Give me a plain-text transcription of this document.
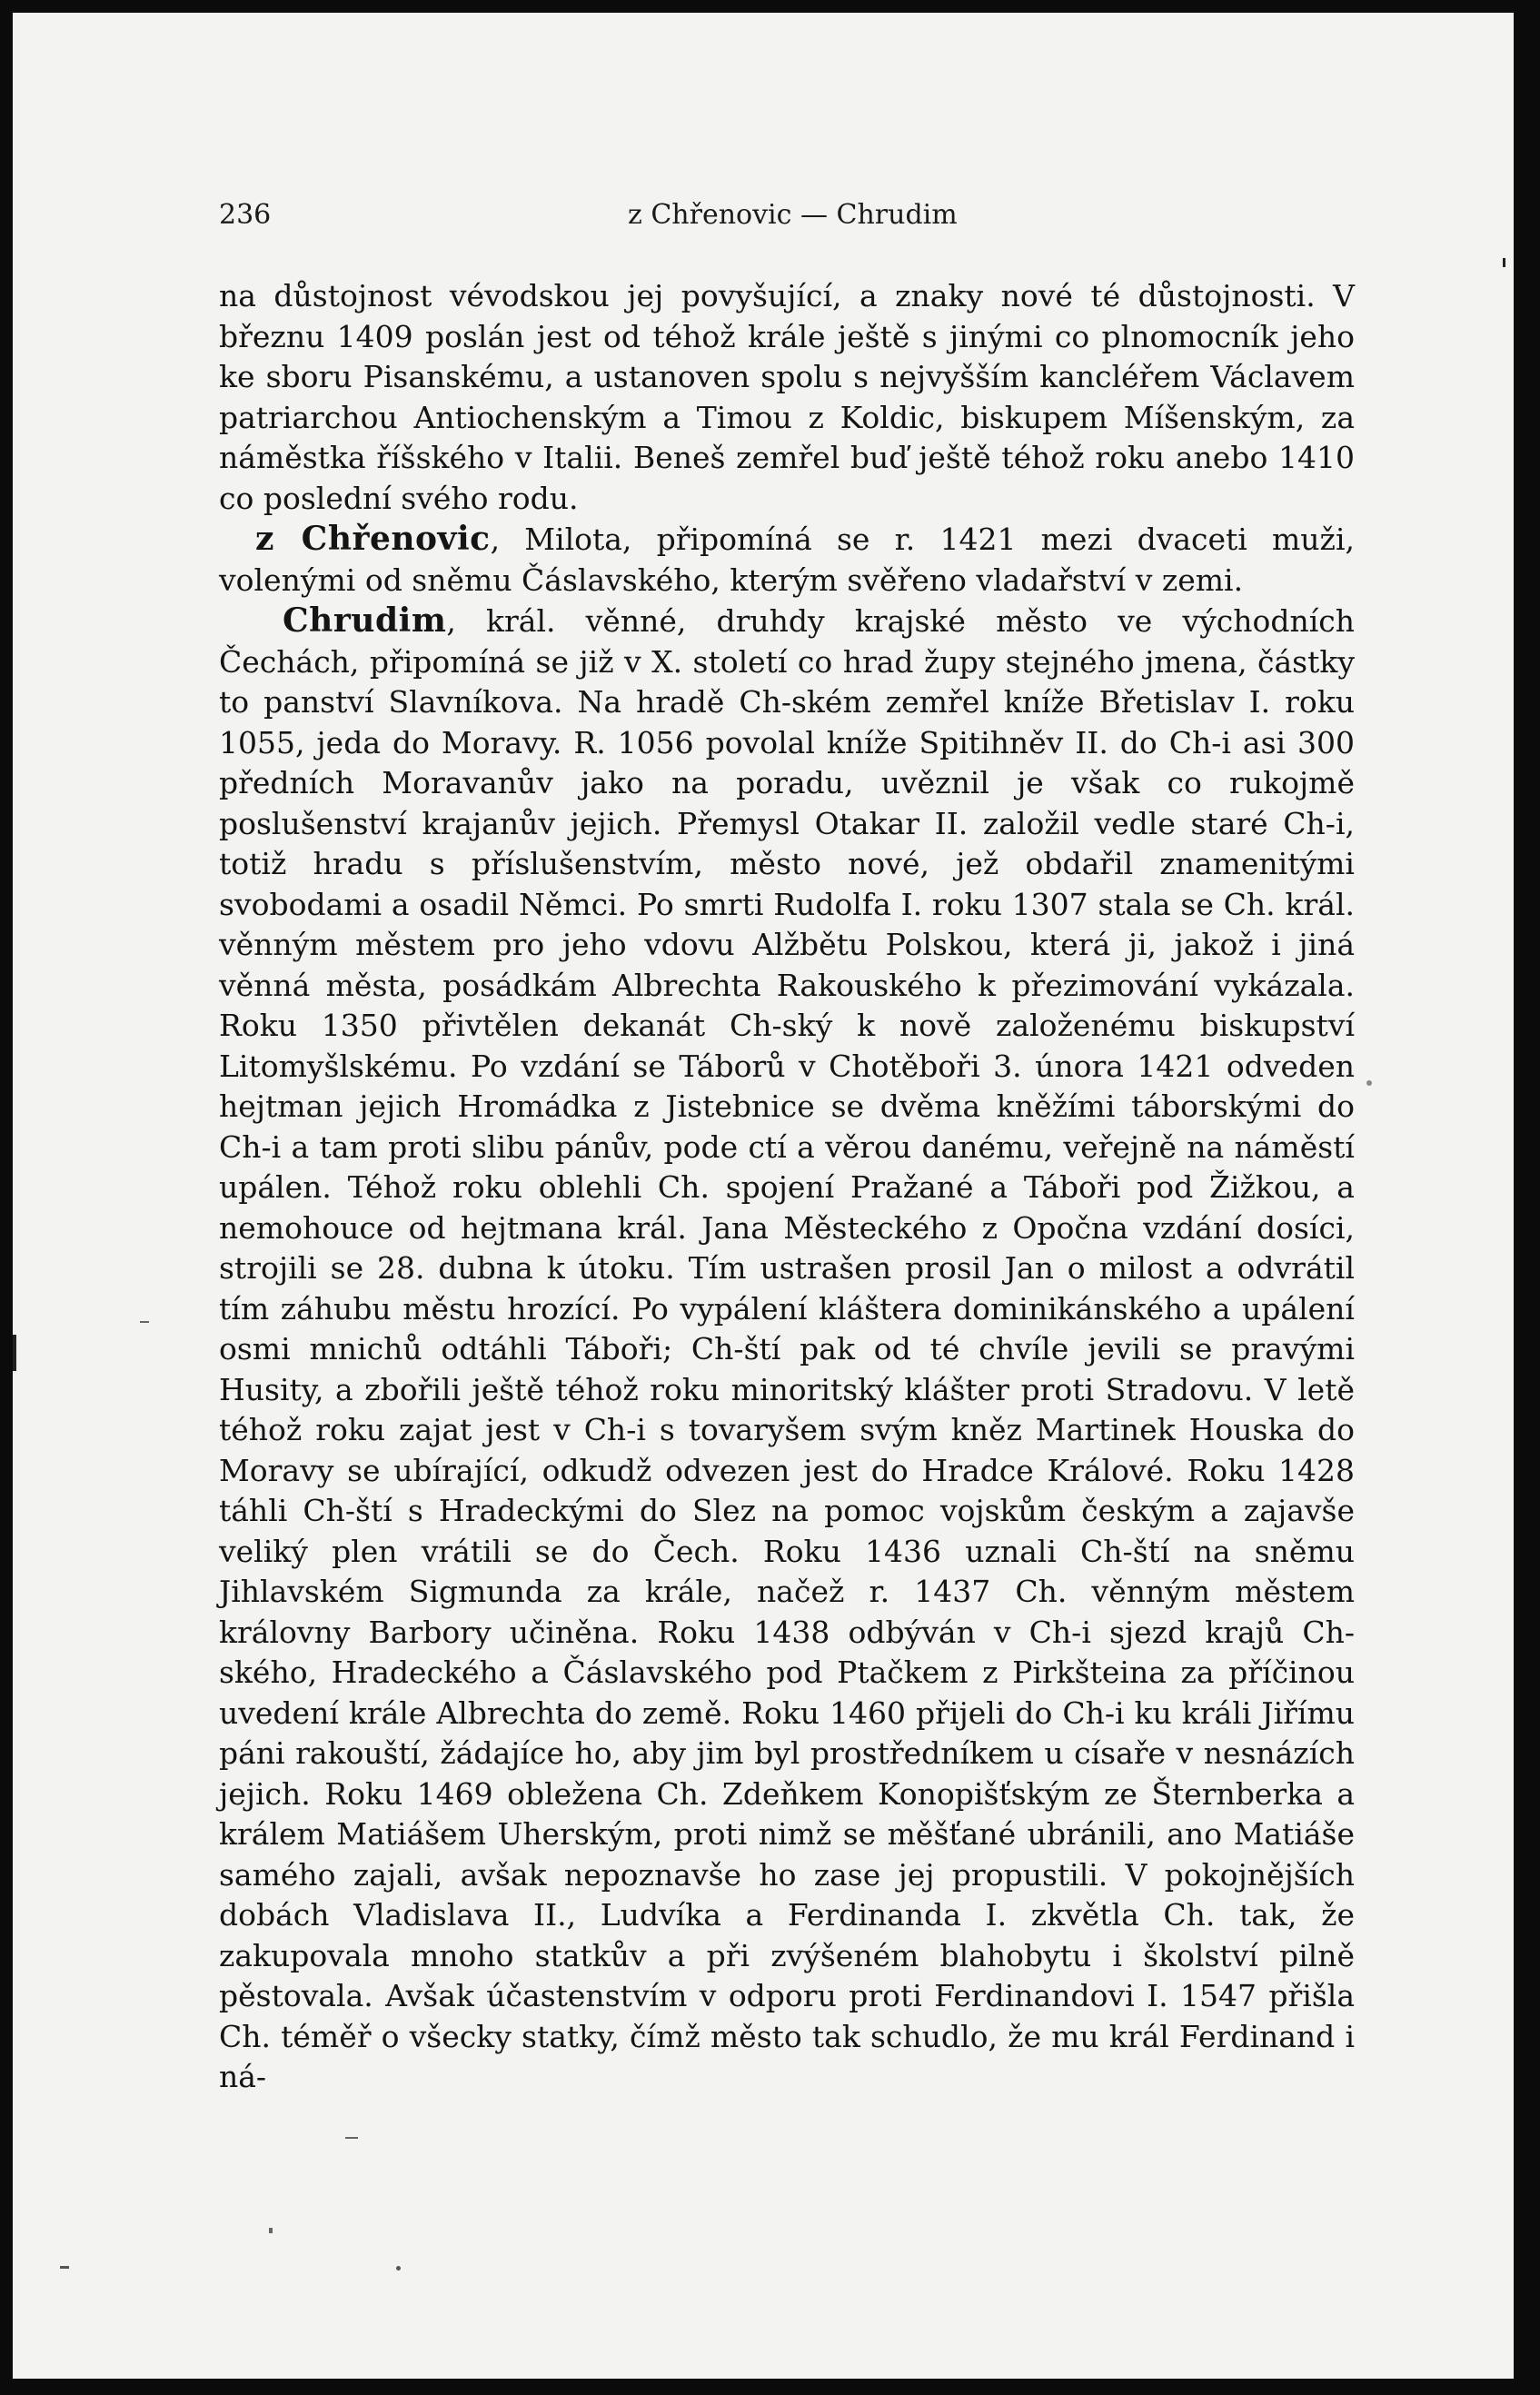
236	z Chřenovic — Chrudim

na důstojnost vévodskou jej povyšující, a znaky nové té důstojnosti. V březnu 1409 poslán jest od téhož krále ještě s jinými co plnomocník jeho ke sboru Pisanskému, a ustanoven spolu s nejvyšším kancléřem Václavem patriarchou Antiochenským a Timou z Koldic, biskupem Míšenským, za náměstka říšského v Italii. Beneš zemřel buď ještě téhož roku anebo 1410 co poslední svého rodu.

z Chřenovic, Milota, připomíná se r. 1421 mezi dvaceti muži, volenými od sněmu Čáslavského, kterým svěřeno vladařství v zemi.

Chrudim, král. věnné, druhdy krajské město ve východních Čechách, připomíná se již v X. století co hrad župy stejného jmena, částky to panství Slavníkova. Na hradě Ch-ském zemřel kníže Břetislav I. roku 1055, jeda do Moravy. R. 1056 povolal kníže Spitihněv II. do Ch-i asi 300 předních Moravanův jako na poradu, uvěznil je však co rukojmě poslušenství krajanův jejich. Přemysl Otakar II. založil vedle staré Ch-i, totiž hradu s příslušenstvím, město nové, jež obdařil znamenitými svobodami a osadil Němci. Po smrti Rudolfa I. roku 1307 stala se Ch. král. věnným městem pro jeho vdovu Alžbětu Polskou, která ji, jakož i jiná věnná města, posádkám Albrechta Rakouského k přezimování vykázala. Roku 1350 přivtělen dekanát Ch-ský k nově založenému biskupství Litomyšlskému. Po vzdání se Táborů v Chotěboři 3. února 1421 odveden hejtman jejich Hromádka z Jistebnice se dvěma kněžími táborskými do Ch-i a tam proti slibu pánův, pode ctí a věrou danému, veřejně na náměstí upálen. Téhož roku oblehli Ch. spojení Pražané a Táboři pod Žižkou, a nemohouce od hejtmana král. Jana Městeckého z Opočna vzdání dosíci, strojili se 28. dubna k útoku. Tím ustrašen prosil Jan o milost a odvrátil tím záhubu městu hrozící. Po vypálení kláštera dominikánského a upálení osmi mnichů odtáhli Táboři; Ch-ští pak od té chvíle jevili se pravými Husity, a zbořili ještě téhož roku minoritský klášter proti Stradovu. V letě téhož roku zajat jest v Ch-i s tovaryšem svým kněz Martinek Houska do Moravy se ubírající, odkudž odvezen jest do Hradce Králové. Roku 1428 táhli Ch-ští s Hradeckými do Slez na pomoc vojskům českým a zajavše veliký plen vrátili se do Čech. Roku 1436 uznali Ch-ští na sněmu Jihlavském Sigmunda za krále, načež r. 1437 Ch. věnným městem královny Barbory učiněna. Roku 1438 odbýván v Ch-i sjezd krajů Ch-ského, Hradeckého a Čáslavského pod Ptačkem z Pirkšteina za příčinou uvedení krále Albrechta do země. Roku 1460 přijeli do Ch-i ku králi Jiřímu páni rakouští, žádajíce ho, aby jim byl prostředníkem u císaře v nesnázích jejich. Roku 1469 obležena Ch. Zdeňkem Konopišťským ze Šternberka a králem Matiášem Uherským, proti nimž se měšťané ubránili, ano Matiáše samého zajali, avšak nepoznavše ho zase jej propustili. V pokojnějších dobách Vladislava II., Ludvíka a Ferdinanda I. zkvětla Ch. tak, že zakupovala mnoho statkův a při zvýšeném blahobytu i školství pilně pěstovala. Avšak účastenstvím v odporu proti Ferdinandovi I. 1547 přišla Ch. téměř o všecky statky, čímž město tak schudlo, že mu král Ferdinand i ná-
